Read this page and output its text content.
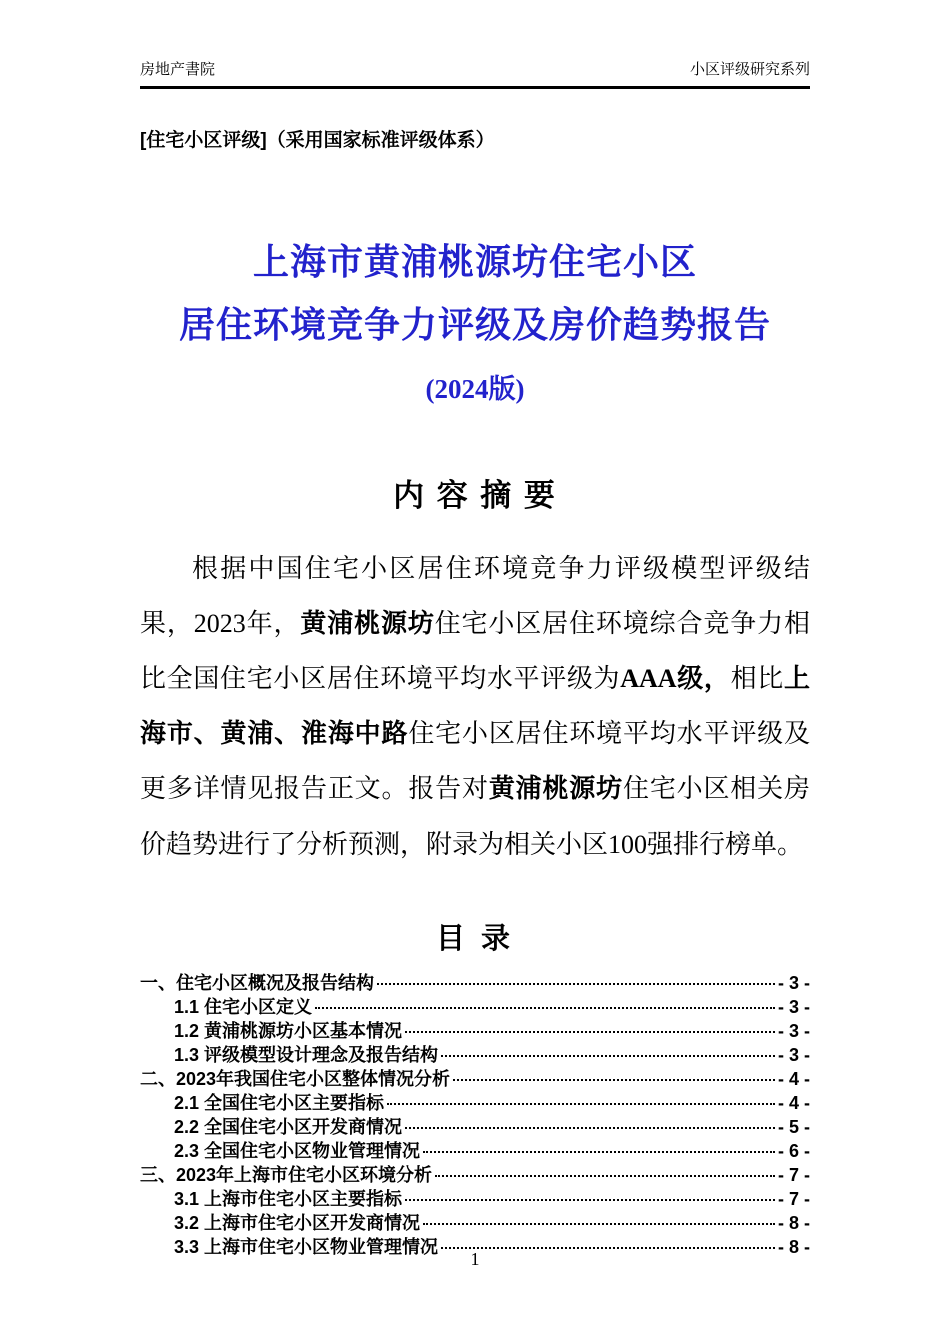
房地产書院	小区评级研究系列
[住宅小区评级]（采用国家标准评级体系）
上海市黄浦桃源坊住宅小区
居住环境竞争力评级及房价趋势报告
(2024版)
内 容 摘 要
根据中国住宅小区居住环境竞争力评级模型评级结果，2023年，黄浦桃源坊住宅小区居住环境综合竞争力相比全国住宅小区居住环境平均水平评级为AAA级，相比上海市、黄浦、淮海中路住宅小区居住环境平均水平评级及更多详情见报告正文。报告对黄浦桃源坊住宅小区相关房价趋势进行了分析预测，附录为相关小区100强排行榜单。
目 录
一、住宅小区概况及报告结构	- 3 -
1.1 住宅小区定义	- 3 -
1.2 黄浦桃源坊小区基本情况	- 3 -
1.3 评级模型设计理念及报告结构	- 3 -
二、2023年我国住宅小区整体情况分析	- 4 -
2.1 全国住宅小区主要指标	- 4 -
2.2 全国住宅小区开发商情况	- 5 -
2.3 全国住宅小区物业管理情况	- 6 -
三、2023年上海市住宅小区环境分析	- 7 -
3.1 上海市住宅小区主要指标	- 7 -
3.2 上海市住宅小区开发商情况	- 8 -
3.3 上海市住宅小区物业管理情况	- 8 -
1
